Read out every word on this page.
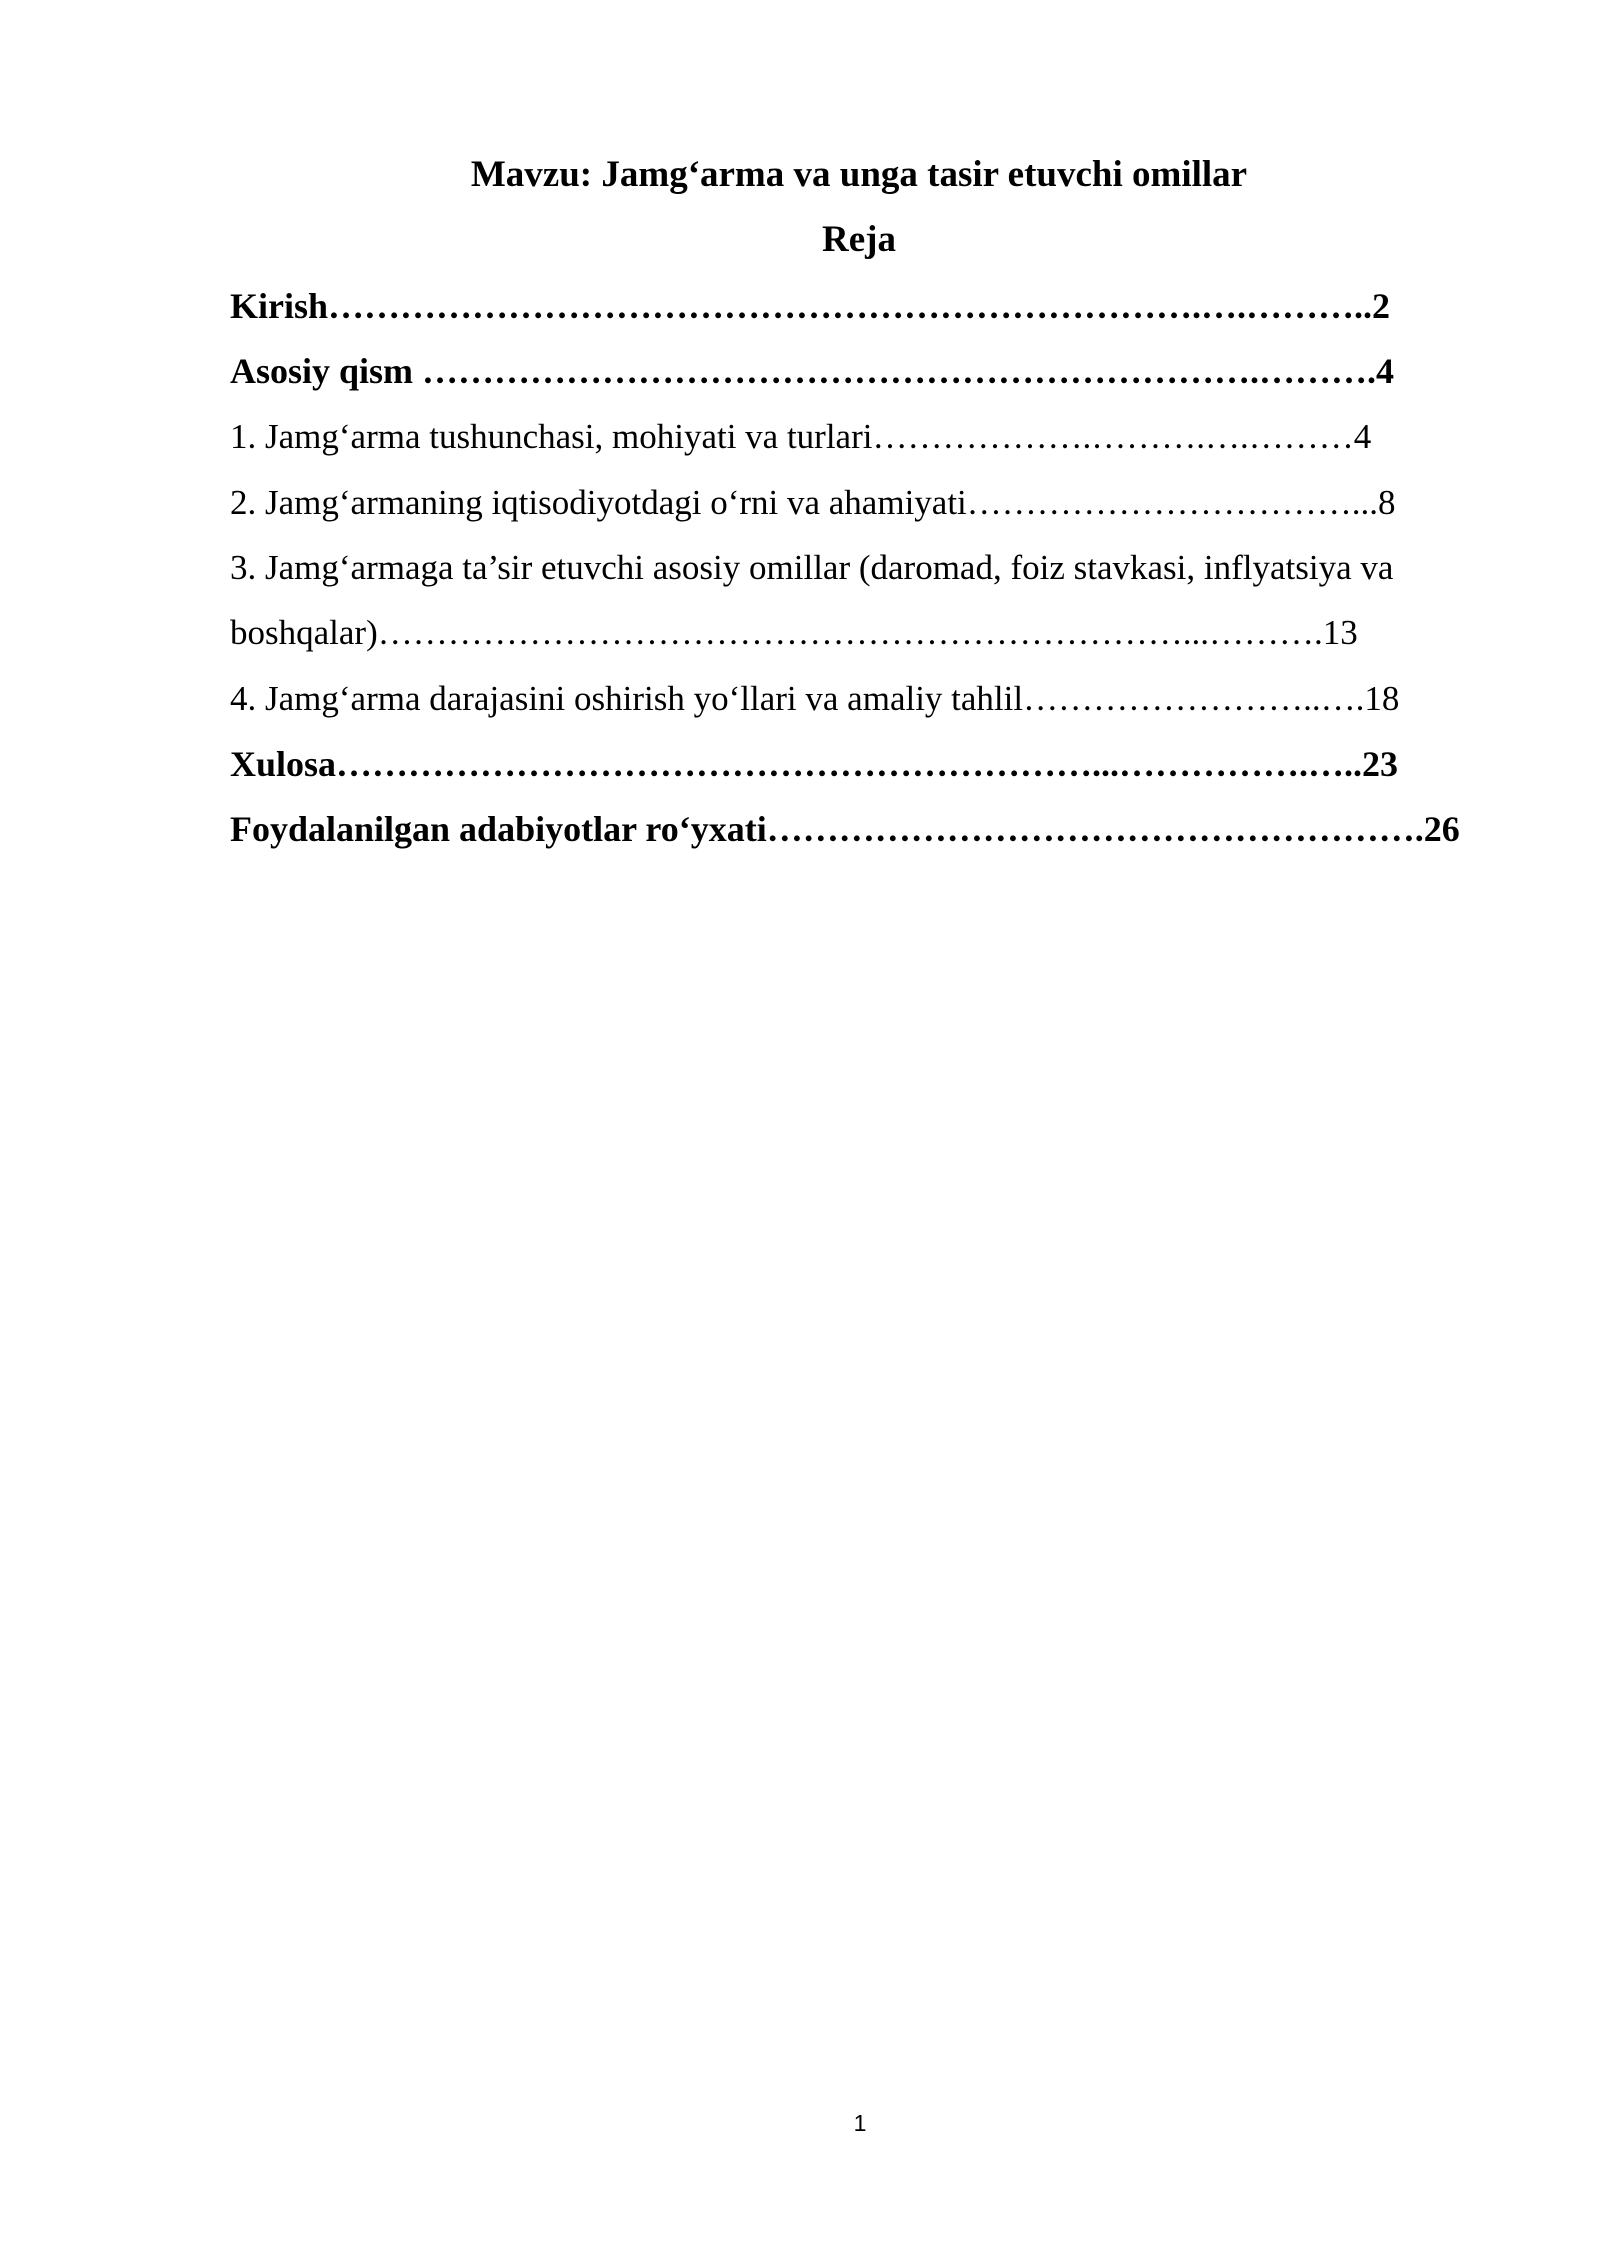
Mavzu: Jamg‘arma va unga tasir etuvchi omillar
Reja
Kirish……………………………………………………………….….………..2
Asosiy qism …………………………………………………………….……….4
1. Jamg‘arma tushunchasi, mohiyati va turlari……………….……….….………4
2. Jamg‘armaning iqtisodiyotdagi o‘rni va ahamiyati……………………………...8
3. Jamg‘armaga ta’sir etuvchi asosiy omillar (daromad, foiz stavkasi, inflyatsiya va
boshqalar)……………………………………………………………...……….13
4. Jamg‘arma darajasini oshirish yo‘llari va amaliy tahlil……………………..….18
Xulosa………………………………………………………...…………….…..23
Foydalanilgan adabiyotlar ro‘yxati……………………………………………….26
1
